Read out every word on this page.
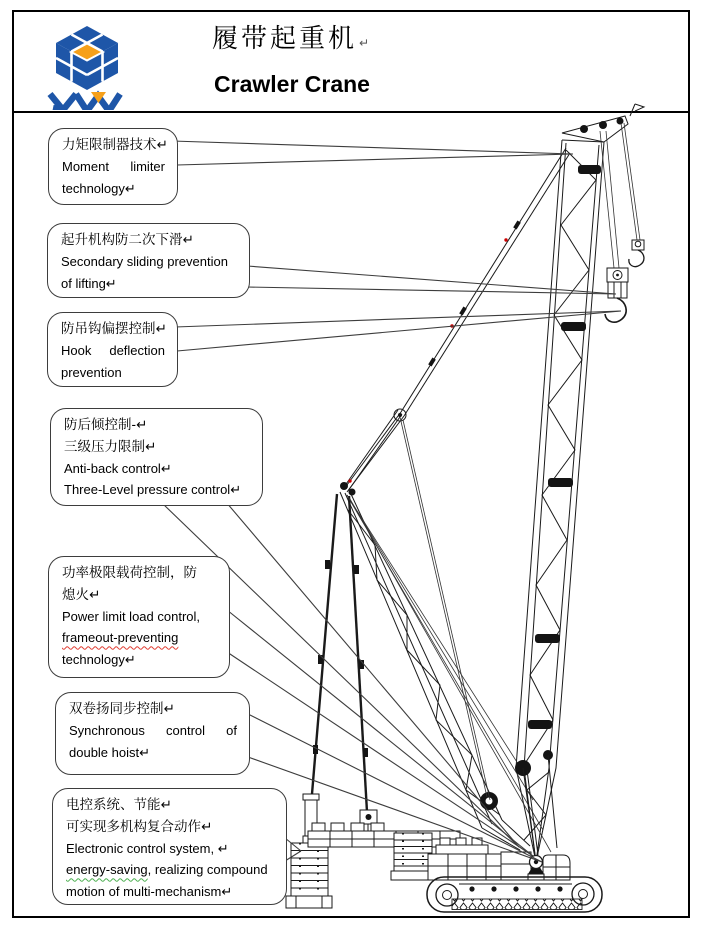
履带起重机 ↵
Crawler Crane
力矩限制器技术↵
Moment limiter
technology↵
起升机构防二次下滑↵
Secondary sliding prevention
of lifting↵
防吊钩偏摆控制↵
Hook deflection
prevention
防后倾控制-↵
三级压力限制↵
Anti-back control↵
Three-Level pressure control↵
功率极限载荷控制，防
熄火↵
Power limit load control,
frameout-preventing
technology↵
双卷扬同步控制↵
Synchronous control of
double hoist↵
电控系统、节能↵
可实现多机构复合动作↵
Electronic control system, ↵
energy-saving, realizing compound
motion of multi-mechanism↵
